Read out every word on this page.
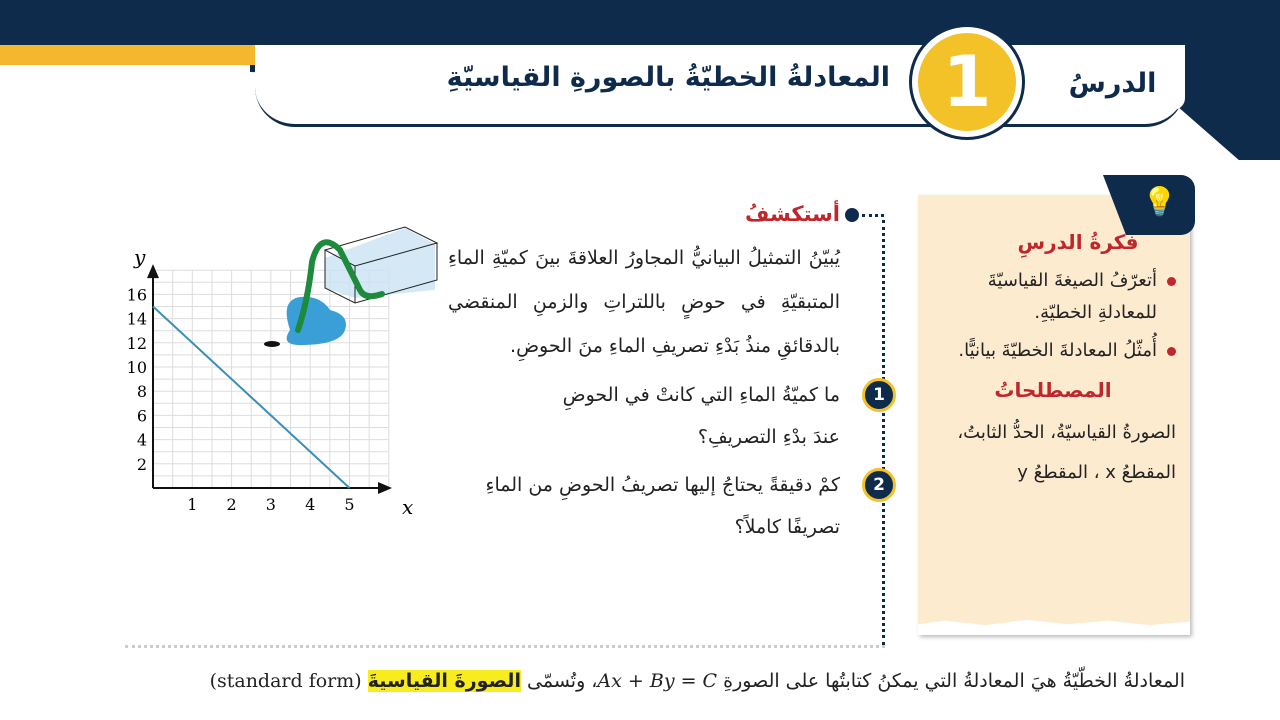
المعادلةُ الخطيّةُ بالصورةِ القياسيّةِ 1	الدرسُ
فكرةُ الدرسِ
أتعرّفُ الصيغةَ القياسيّةَ للمعادلةِ الخطيّةِ.
أُمثّلُ المعادلةَ الخطيّةَ بيانيًّا.
المصطلحاتُ
الصورةُ القياسيّةُ، الحدُّ الثابتُ،
المقطعُ x ، المقطعُ y
💡
أستكشفُ
يُبيّنُ التمثيلُ البيانيُّ المجاورُ العلاقةَ بينَ كميّةِ الماءِ المتبقيّةِ في حوضٍ باللتراتِ والزمنِ المنقضي بالدقائقِ منذُ بَدْءِ تصريفِ الماءِ منَ الحوضِ.
1
ما كميّةُ الماءِ التي كانتْ في الحوضِ
عندَ بدْءِ التصريفِ؟
2
كمْ دقيقةً يحتاجُ إليها تصريفُ الحوضِ من الماءِ تصريفًا كاملاً؟
المعادلةُ الخطّيّةُ هيَ المعادلةُ التي يمكنُ كتابتُها على الصورةِ Ax + By = C، وتُسمّى الصورةَ القياسيةَ (standard form)
1 2 3 4 5
2
4
6
8
10
12
14
16
x
y
